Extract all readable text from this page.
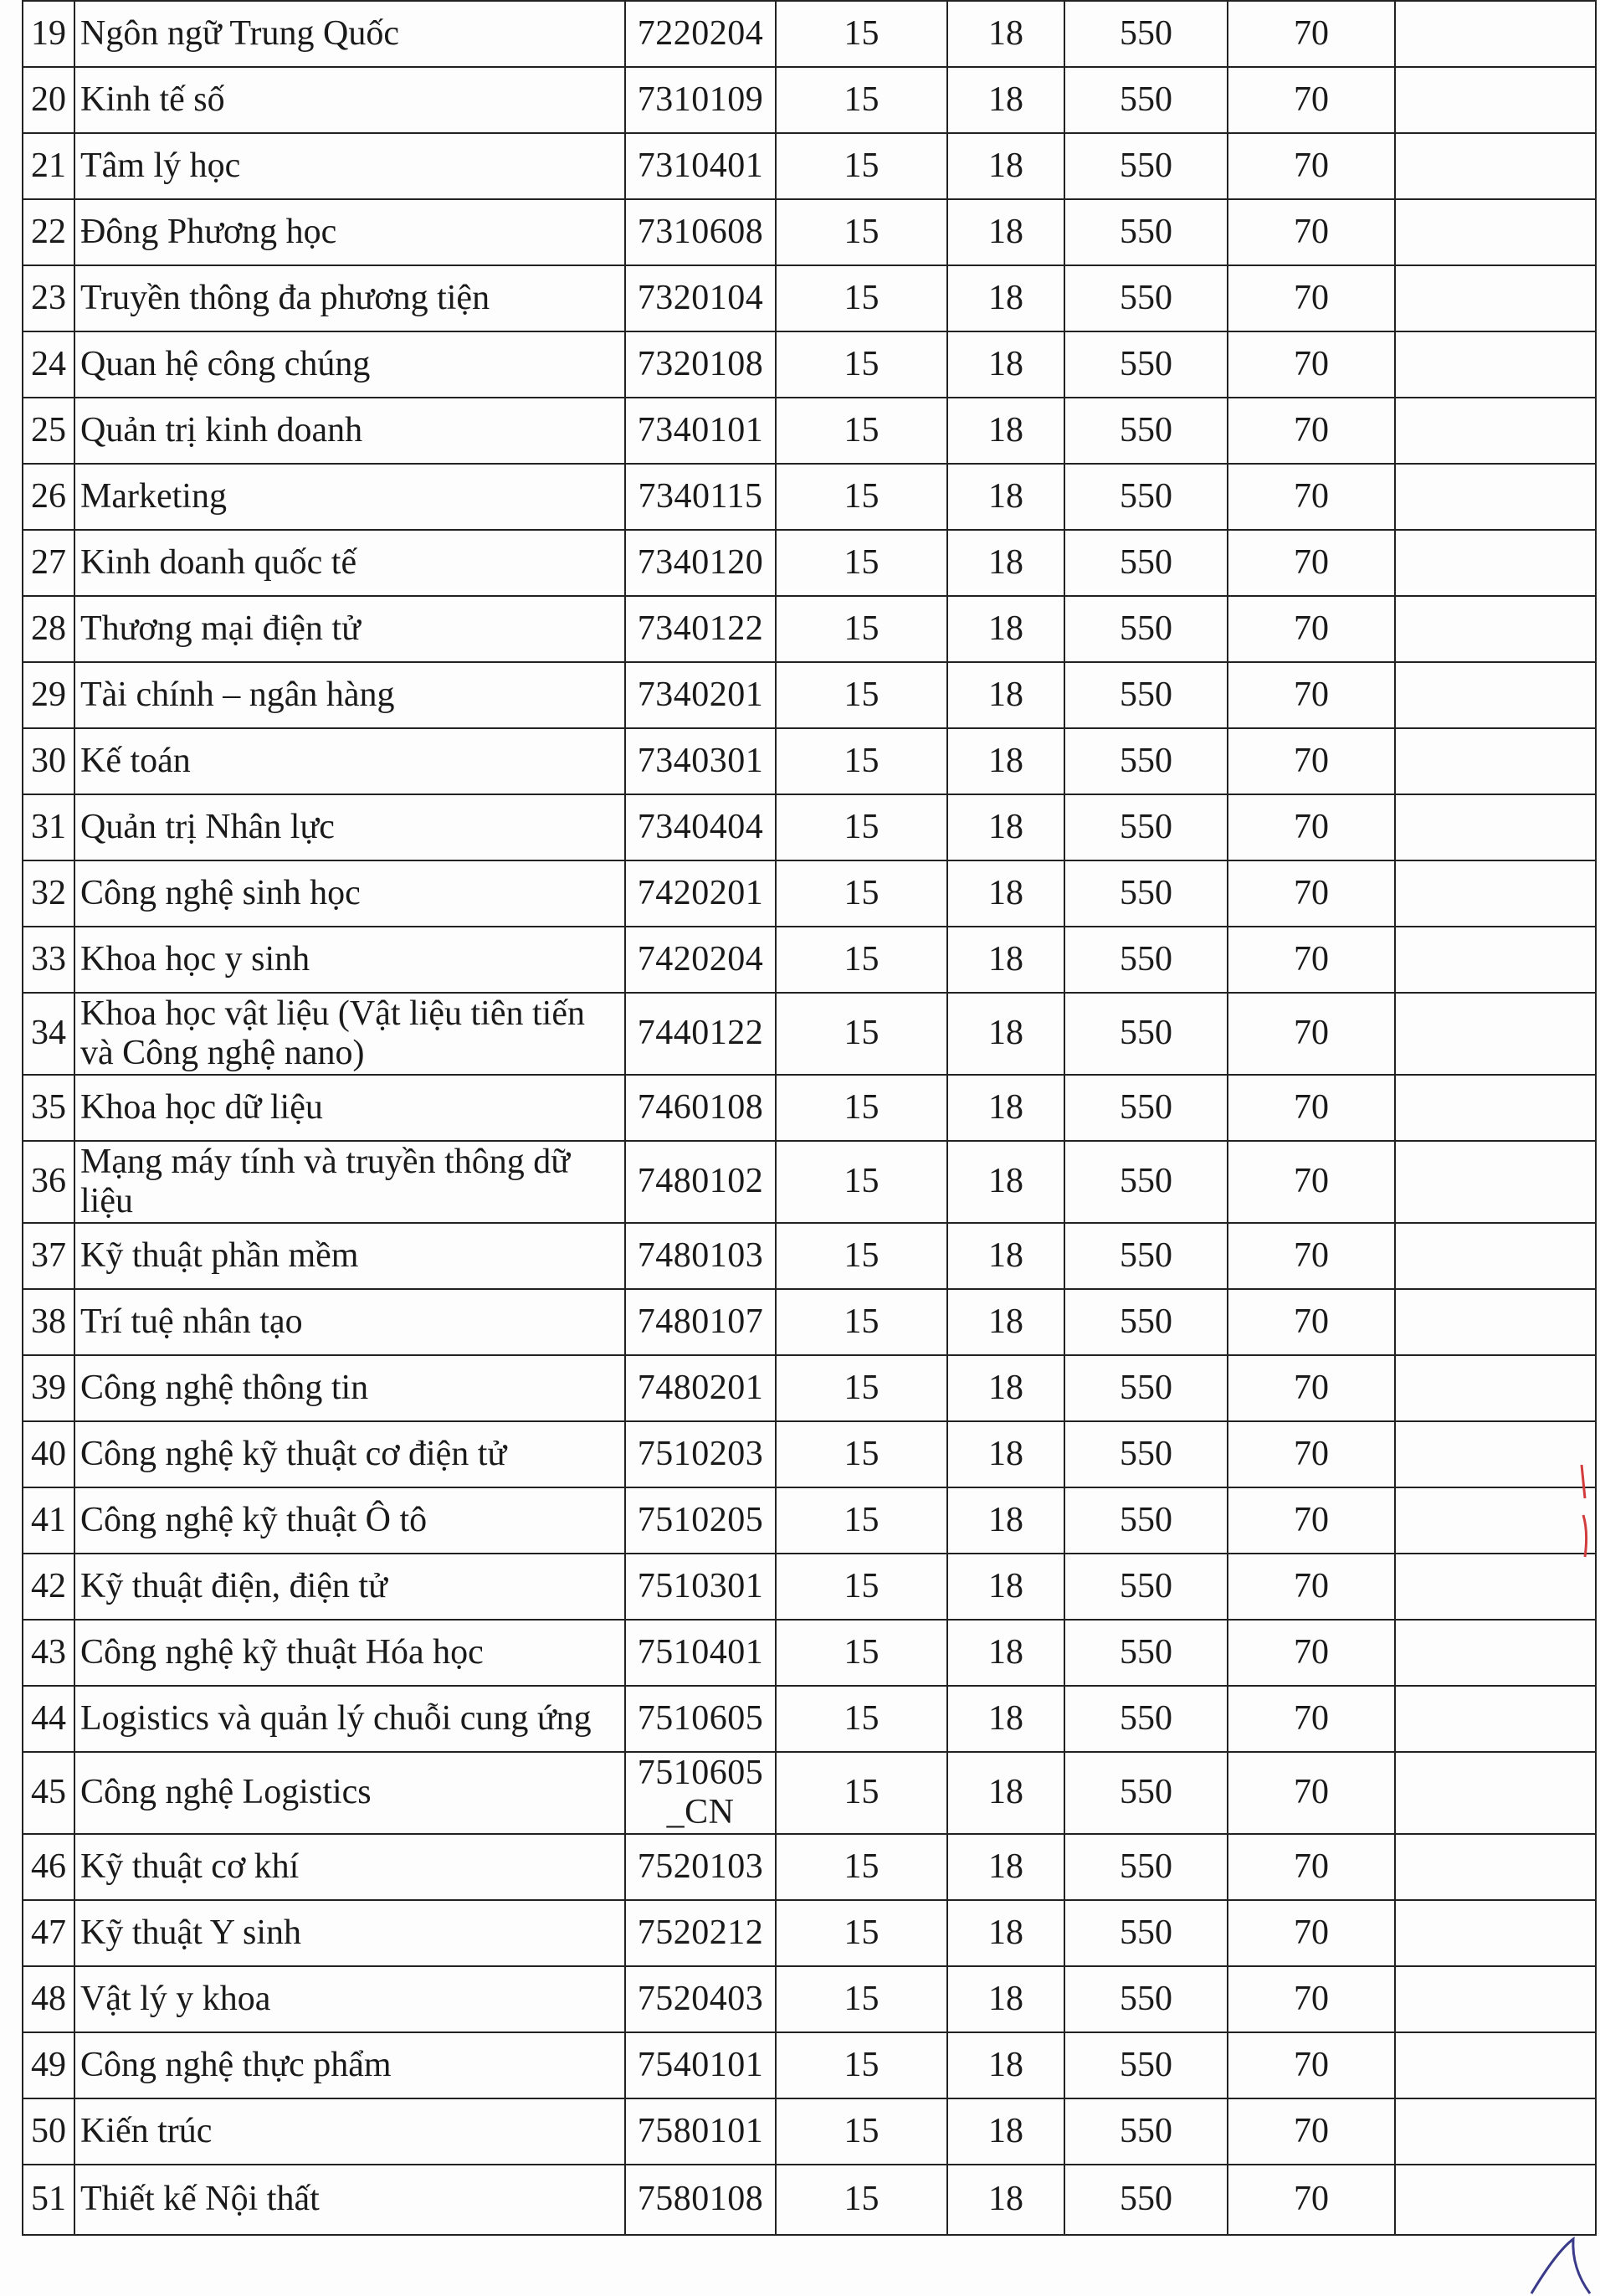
19	Ngôn ngữ Trung Quốc	7220204	15	18	550	70	
20	Kinh tế số	7310109	15	18	550	70	
21	Tâm lý học	7310401	15	18	550	70	
22	Đông Phương học	7310608	15	18	550	70	
23	Truyền thông đa phương tiện	7320104	15	18	550	70	
24	Quan hệ công chúng	7320108	15	18	550	70	
25	Quản trị kinh doanh	7340101	15	18	550	70	
26	Marketing	7340115	15	18	550	70	
27	Kinh doanh quốc tế	7340120	15	18	550	70	
28	Thương mại điện tử	7340122	15	18	550	70	
29	Tài chính – ngân hàng	7340201	15	18	550	70	
30	Kế toán	7340301	15	18	550	70	
31	Quản trị Nhân lực	7340404	15	18	550	70	
32	Công nghệ sinh học	7420201	15	18	550	70	
33	Khoa học y sinh	7420204	15	18	550	70	
34	Khoa học vật liệu (Vật liệu tiên tiến và Công nghệ nano)	7440122	15	18	550	70	
35	Khoa học dữ liệu	7460108	15	18	550	70	
36	Mạng máy tính và truyền thông dữ liệu	7480102	15	18	550	70	
37	Kỹ thuật phần mềm	7480103	15	18	550	70	
38	Trí tuệ nhân tạo	7480107	15	18	550	70	
39	Công nghệ thông tin	7480201	15	18	550	70	
40	Công nghệ kỹ thuật cơ điện tử	7510203	15	18	550	70	
41	Công nghệ kỹ thuật Ô tô	7510205	15	18	550	70	
42	Kỹ thuật điện, điện tử	7510301	15	18	550	70	
43	Công nghệ kỹ thuật Hóa học	7510401	15	18	550	70	
44	Logistics và quản lý chuỗi cung ứng	7510605	15	18	550	70	
45	Công nghệ Logistics	7510605 _CN	15	18	550	70	
46	Kỹ thuật cơ khí	7520103	15	18	550	70	
47	Kỹ thuật Y sinh	7520212	15	18	550	70	
48	Vật lý y khoa	7520403	15	18	550	70	
49	Công nghệ thực phẩm	7540101	15	18	550	70	
50	Kiến trúc	7580101	15	18	550	70	
51	Thiết kế Nội thất	7580108	15	18	550	70	
